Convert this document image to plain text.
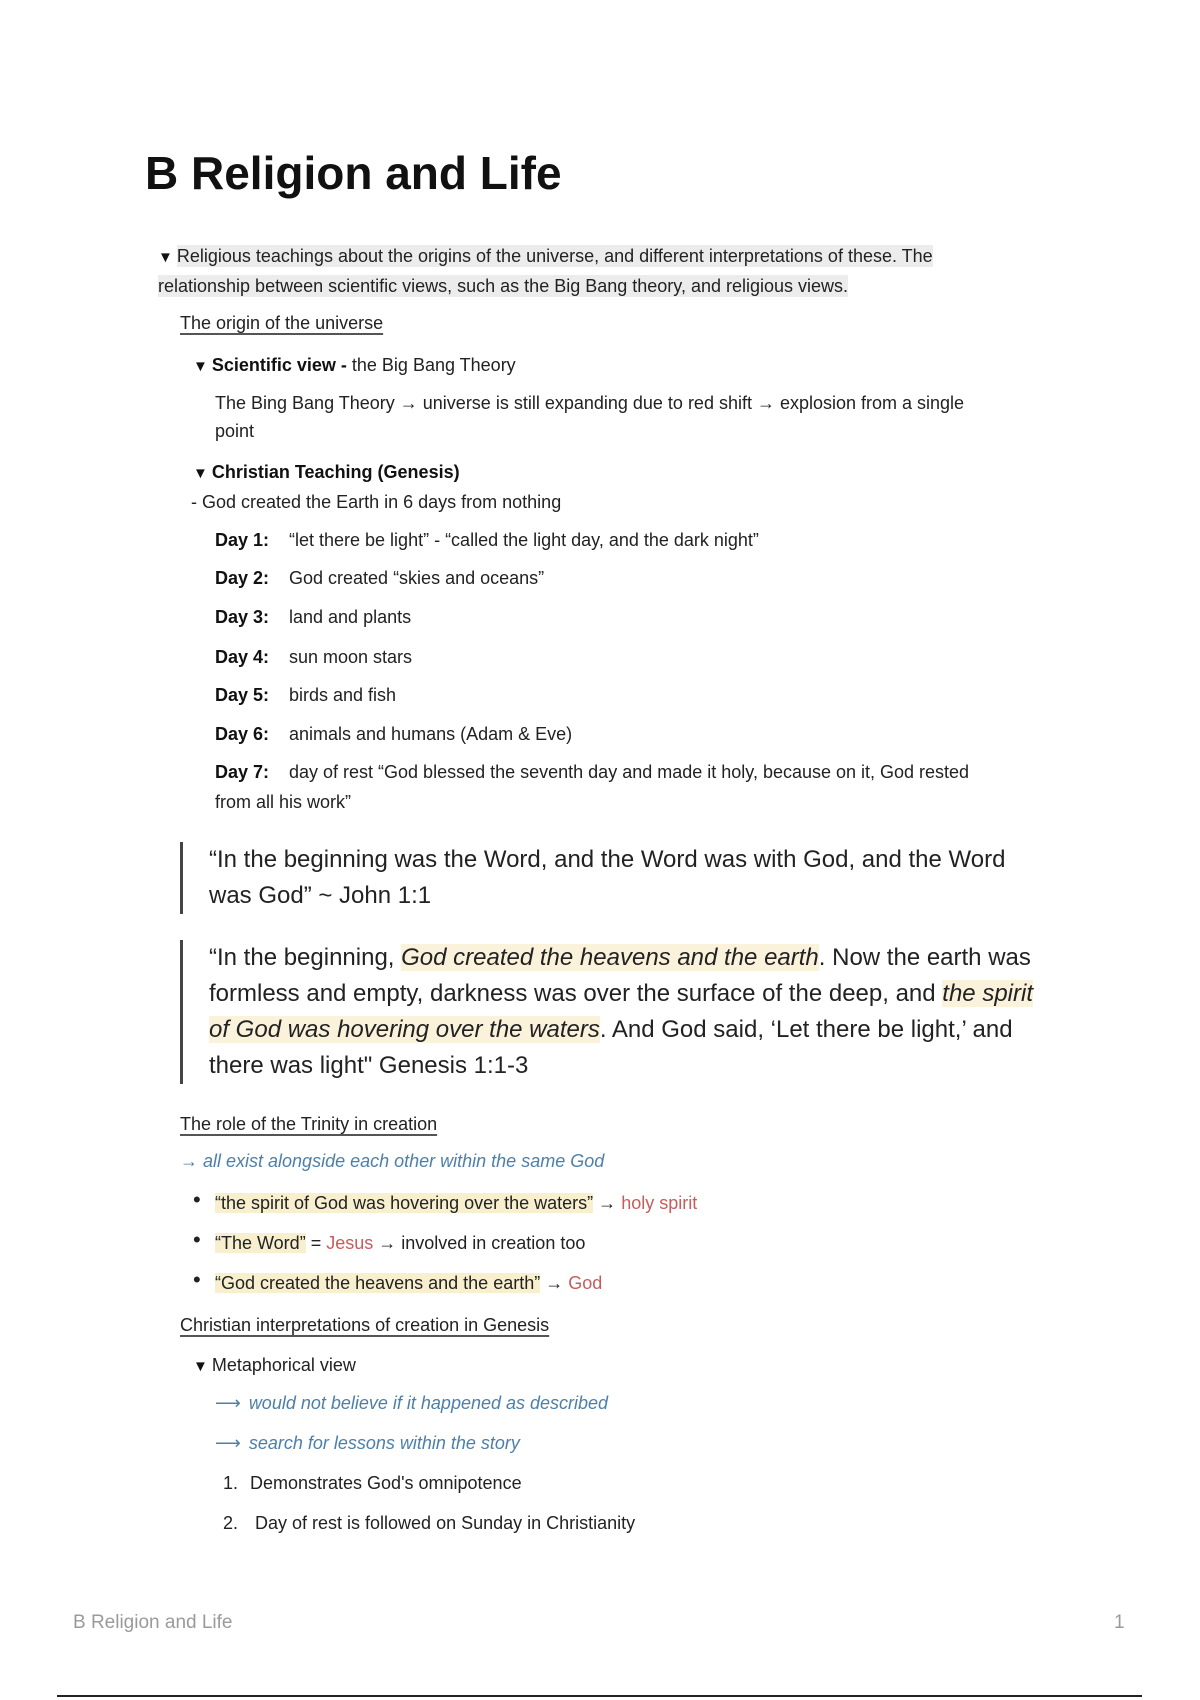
B Religion and Life
▼ Religious teachings about the origins of the universe, and different interpretations of these. The relationship between scientific views, such as the Big Bang theory, and religious views.
The origin of the universe
▼ Scientific view - the Big Bang Theory
The Bing Bang Theory → universe is still expanding due to red shift → explosion from a single
point
▼ Christian Teaching (Genesis)
- God created the Earth in 6 days from nothing
Day 1: “let there be light” - “called the light day, and the dark night”
Day 2: God created “skies and oceans”
Day 3: land and plants
Day 4: sun moon stars
Day 5: birds and fish
Day 6: animals and humans (Adam & Eve)
Day 7: day of rest “God blessed the seventh day and made it holy, because on it, God rested
from all his work”
“In the beginning was the Word, and the Word was with God, and the Word was God” ~ John 1:1
“In the beginning, God created the heavens and the earth. Now the earth was formless and empty, darkness was over the surface of the deep, and the spirit of God was hovering over the waters. And God said, ‘Let there be light,’ and there was light" Genesis 1:1-3
The role of the Trinity in creation
→ all exist alongside each other within the same God
• “the spirit of God was hovering over the waters” → holy spirit
• “The Word” = Jesus → involved in creation too
• “God created the heavens and the earth” → God
Christian interpretations of creation in Genesis
▼ Metaphorical view
⟶ would not believe if it happened as described
⟶ search for lessons within the story
1. Demonstrates God's omnipotence
2. Day of rest is followed on Sunday in Christianity
B Religion and Life	1
